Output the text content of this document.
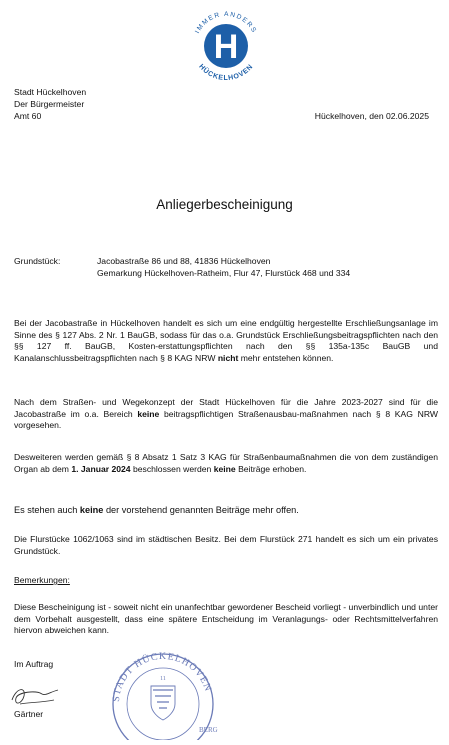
H
IMMER ANDERS
HÜCKELHOVEN
Stadt Hückelhoven
Der Bürgermeister
Amt 60	Hückelhoven, den 02.06.2025
Anliegerbescheinigung
Grundstück:	Jacobastraße 86 und 88, 41836 Hückelhoven
Gemarkung Hückelhoven-Ratheim, Flur 47, Flurstück 468 und 334
Bei der Jacobastraße in Hückelhoven handelt es sich um eine endgültig hergestellte Erschließungsanlage im Sinne des § 127 Abs. 2 Nr. 1 BauGB, sodass für das o.a. Grundstück Erschließungsbeitragspflichten nach den §§ 127 ff. BauGB, Kosten-erstattungspflichten nach den §§ 135a-135c BauGB und Kanalanschlussbeitragspflichten nach § 8 KAG NRW nicht mehr entstehen können.
Nach dem Straßen- und Wegekonzept der Stadt Hückelhoven für die Jahre 2023-2027 sind für die Jacobastraße im o.a. Bereich keine beitragspflichtigen Straßenausbau-maßnahmen nach § 8 KAG NRW vorgesehen.
Desweiteren werden gemäß § 8 Absatz 1 Satz 3 KAG für Straßenbaumaßnahmen die von dem zuständigen Organ ab dem 1. Januar 2024 beschlossen werden keine Beiträge erhoben.
Es stehen auch keine der vorstehend genannten Beiträge mehr offen.
Die Flurstücke 1062/1063 sind im städtischen Besitz. Bei dem Flurstück 271 handelt es sich um ein privates Grundstück.
Bemerkungen:
Diese Bescheinigung ist - soweit nicht ein unanfechtbar gewordener Bescheid vorliegt - unverbindlich und unter dem Vorbehalt ausgestellt, dass eine spätere Entscheidung im Veranlagungs- oder Rechtsmittelverfahren hiervon abweichen kann.
Im Auftrag
Gärtner
STADT HÜCKELHOVEN
11
BERG
